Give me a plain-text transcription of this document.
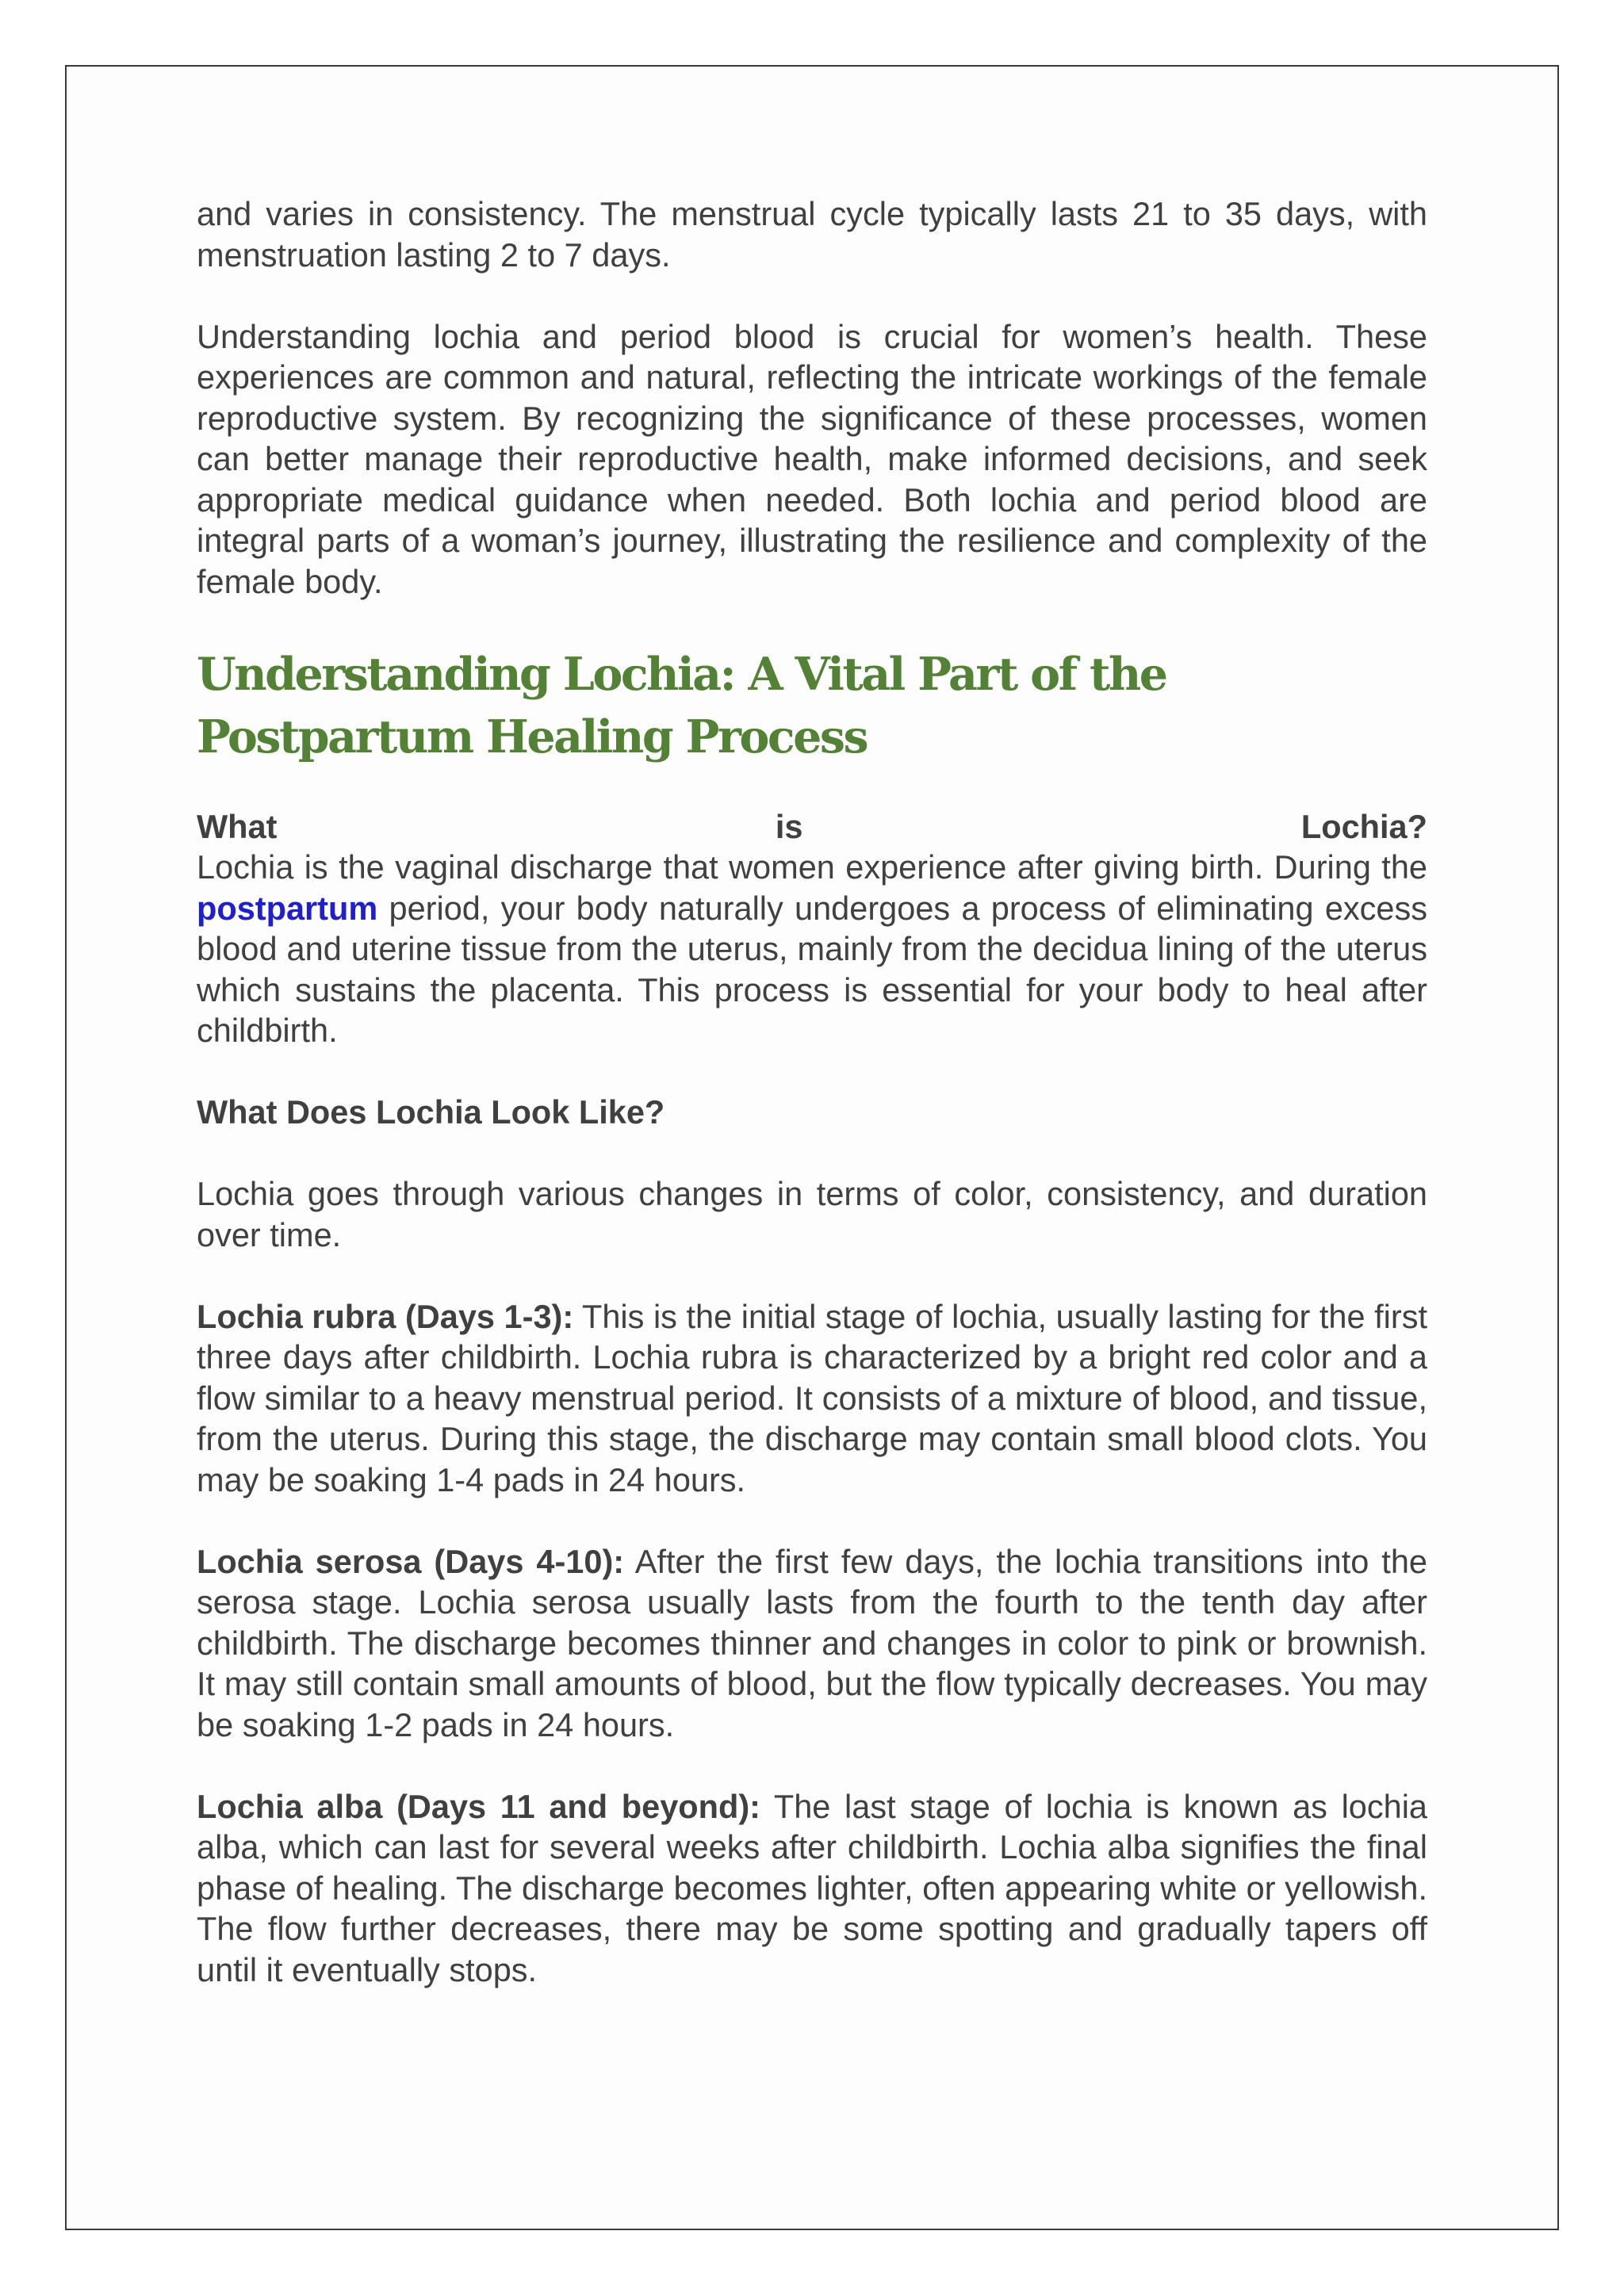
and varies in consistency. The menstrual cycle typically lasts 21 to 35 days, with menstruation lasting 2 to 7 days.

Understanding lochia and period blood is crucial for women’s health. These experiences are common and natural, reflecting the intricate workings of the female reproductive system. By recognizing the significance of these processes, women can better manage their reproductive health, make informed decisions, and seek appropriate medical guidance when needed. Both lochia and period blood are integral parts of a woman’s journey, illustrating the resilience and complexity of the female body.

Understanding Lochia: A Vital Part of the Postpartum Healing Process
What	is	Lochia?

Lochia is the vaginal discharge that women experience after giving birth. During the postpartum period, your body naturally undergoes a process of eliminating excess blood and uterine tissue from the uterus, mainly from the decidua lining of the uterus which sustains the placenta. This process is essential for your body to heal after childbirth.

What Does Lochia Look Like?

Lochia goes through various changes in terms of color, consistency, and duration over time.

Lochia rubra (Days 1-3): This is the initial stage of lochia, usually lasting for the first three days after childbirth. Lochia rubra is characterized by a bright red color and a flow similar to a heavy menstrual period. It consists of a mixture of blood, and tissue, from the uterus. During this stage, the discharge may contain small blood clots. You may be soaking 1-4 pads in 24 hours.

Lochia serosa (Days 4-10): After the first few days, the lochia transitions into the serosa stage. Lochia serosa usually lasts from the fourth to the tenth day after childbirth. The discharge becomes thinner and changes in color to pink or brownish. It may still contain small amounts of blood, but the flow typically decreases. You may be soaking 1-2 pads in 24 hours.

Lochia alba (Days 11 and beyond): The last stage of lochia is known as lochia alba, which can last for several weeks after childbirth. Lochia alba signifies the final phase of healing. The discharge becomes lighter, often appearing white or yellowish. The flow further decreases, there may be some spotting and gradually tapers off until it eventually stops.
